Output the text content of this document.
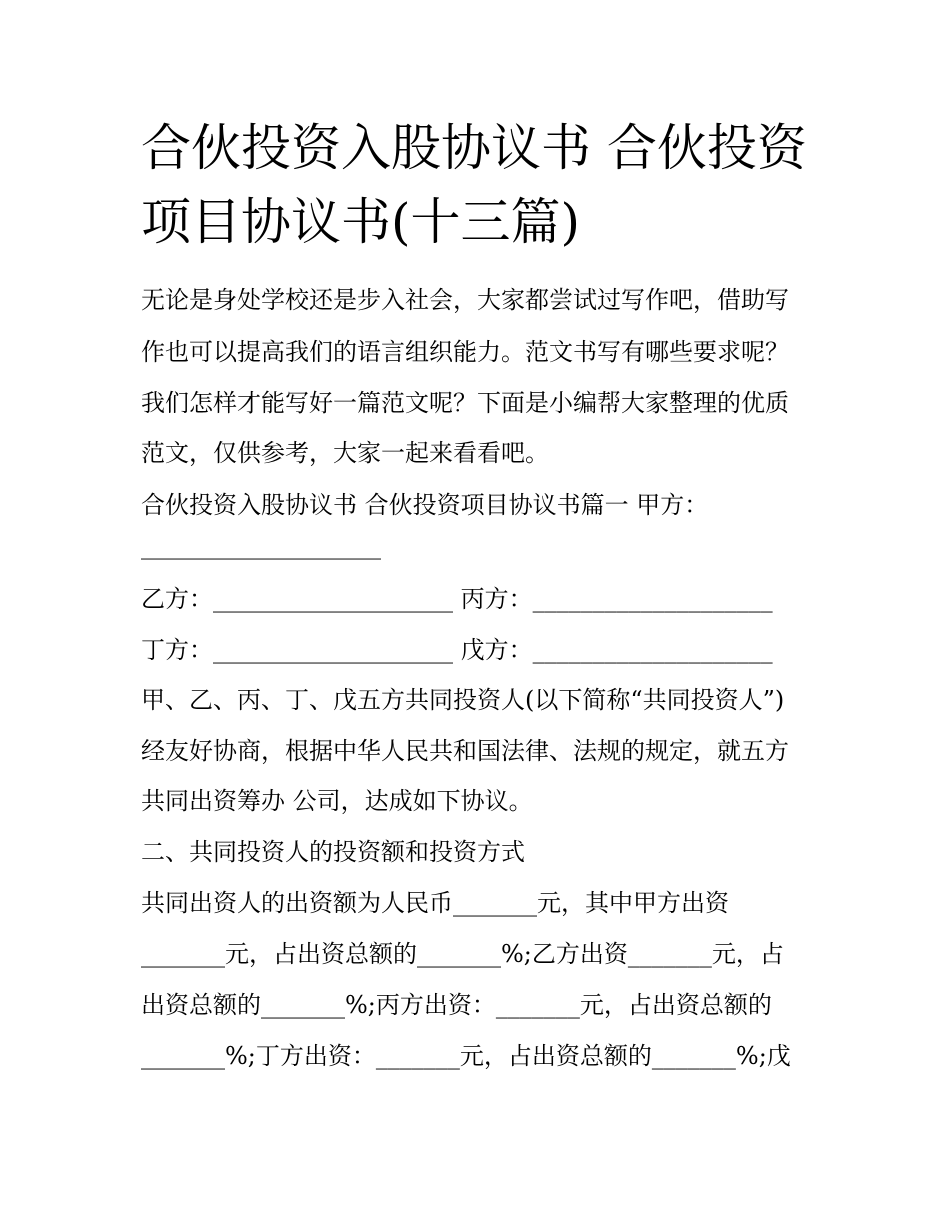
合伙投资入股协议书 合伙投资
项目协议书(十三篇)
无论是身处学校还是步入社会，大家都尝试过写作吧，借助写
作也可以提高我们的语言组织能力。范文书写有哪些要求呢？
我们怎样才能写好一篇范文呢？下面是小编帮大家整理的优质
范文，仅供参考，大家一起来看看吧。
合伙投资入股协议书 合伙投资项目协议书篇一 甲方：
____________________
乙方：____________________ 丙方：____________________
丁方：____________________ 戊方：____________________
甲、乙、丙、丁、戊五方共同投资人(以下简称“共同投资人”)
经友好协商，根据中华人民共和国法律、法规的规定，就五方
共同出资筹办 公司，达成如下协议。
二、共同投资人的投资额和投资方式
共同出资人的出资额为人民币_______元，其中甲方出资
_______元，占出资总额的_______%;乙方出资_______元，占
出资总额的_______%;丙方出资：_______元，占出资总额的
_______%;丁方出资：_______元，占出资总额的_______%;戊
